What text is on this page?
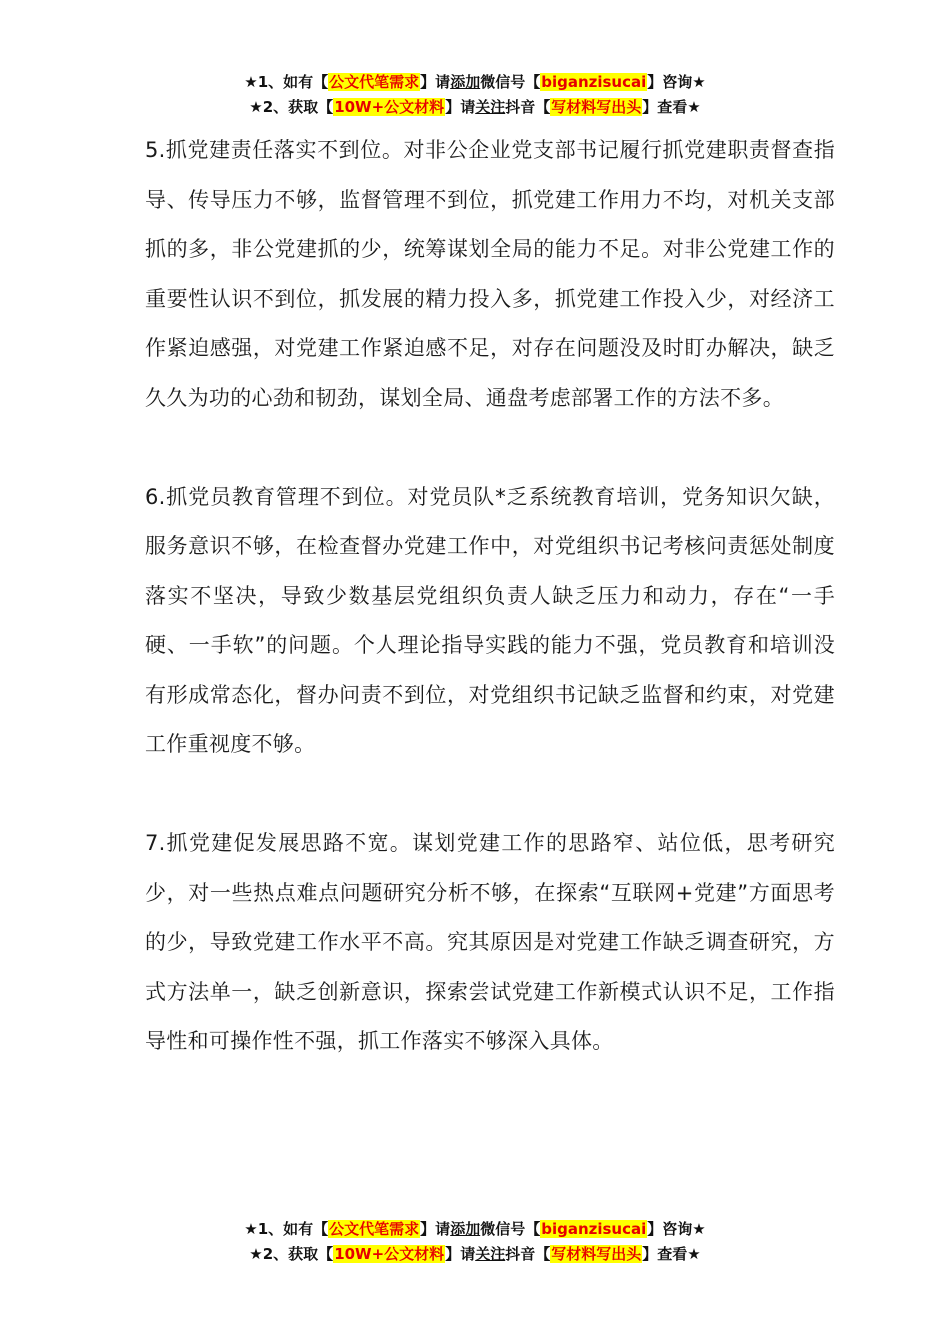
★1、如有【公文代笔需求】请添加微信号【biganzisucai】咨询★
★2、获取【10W+公文材料】请关注抖音【写材料写出头】查看★

5.抓党建责任落实不到位。对非公企业党支部书记履行抓党建职责督查指导、传导压力不够，监督管理不到位，抓党建工作用力不均，对机关支部抓的多，非公党建抓的少，统筹谋划全局的能力不足。对非公党建工作的重要性认识不到位，抓发展的精力投入多，抓党建工作投入少，对经济工作紧迫感强，对党建工作紧迫感不足，对存在问题没及时盯办解决，缺乏久久为功的心劲和韧劲，谋划全局、通盘考虑部署工作的方法不多。

6.抓党员教育管理不到位。对党员队*乏系统教育培训，党务知识欠缺，服务意识不够，在检查督办党建工作中，对党组织书记考核问责惩处制度落实不坚决，导致少数基层党组织负责人缺乏压力和动力，存在“一手硬、一手软”的问题。个人理论指导实践的能力不强，党员教育和培训没有形成常态化，督办问责不到位，对党组织书记缺乏监督和约束，对党建工作重视度不够。

7.抓党建促发展思路不宽。谋划党建工作的思路窄、站位低，思考研究少，对一些热点难点问题研究分析不够，在探索“互联网+党建”方面思考的少，导致党建工作水平不高。究其原因是对党建工作缺乏调查研究，方式方法单一，缺乏创新意识，探索尝试党建工作新模式认识不足，工作指导性和可操作性不强，抓工作落实不够深入具体。

★1、如有【公文代笔需求】请添加微信号【biganzisucai】咨询★
★2、获取【10W+公文材料】请关注抖音【写材料写出头】查看★
